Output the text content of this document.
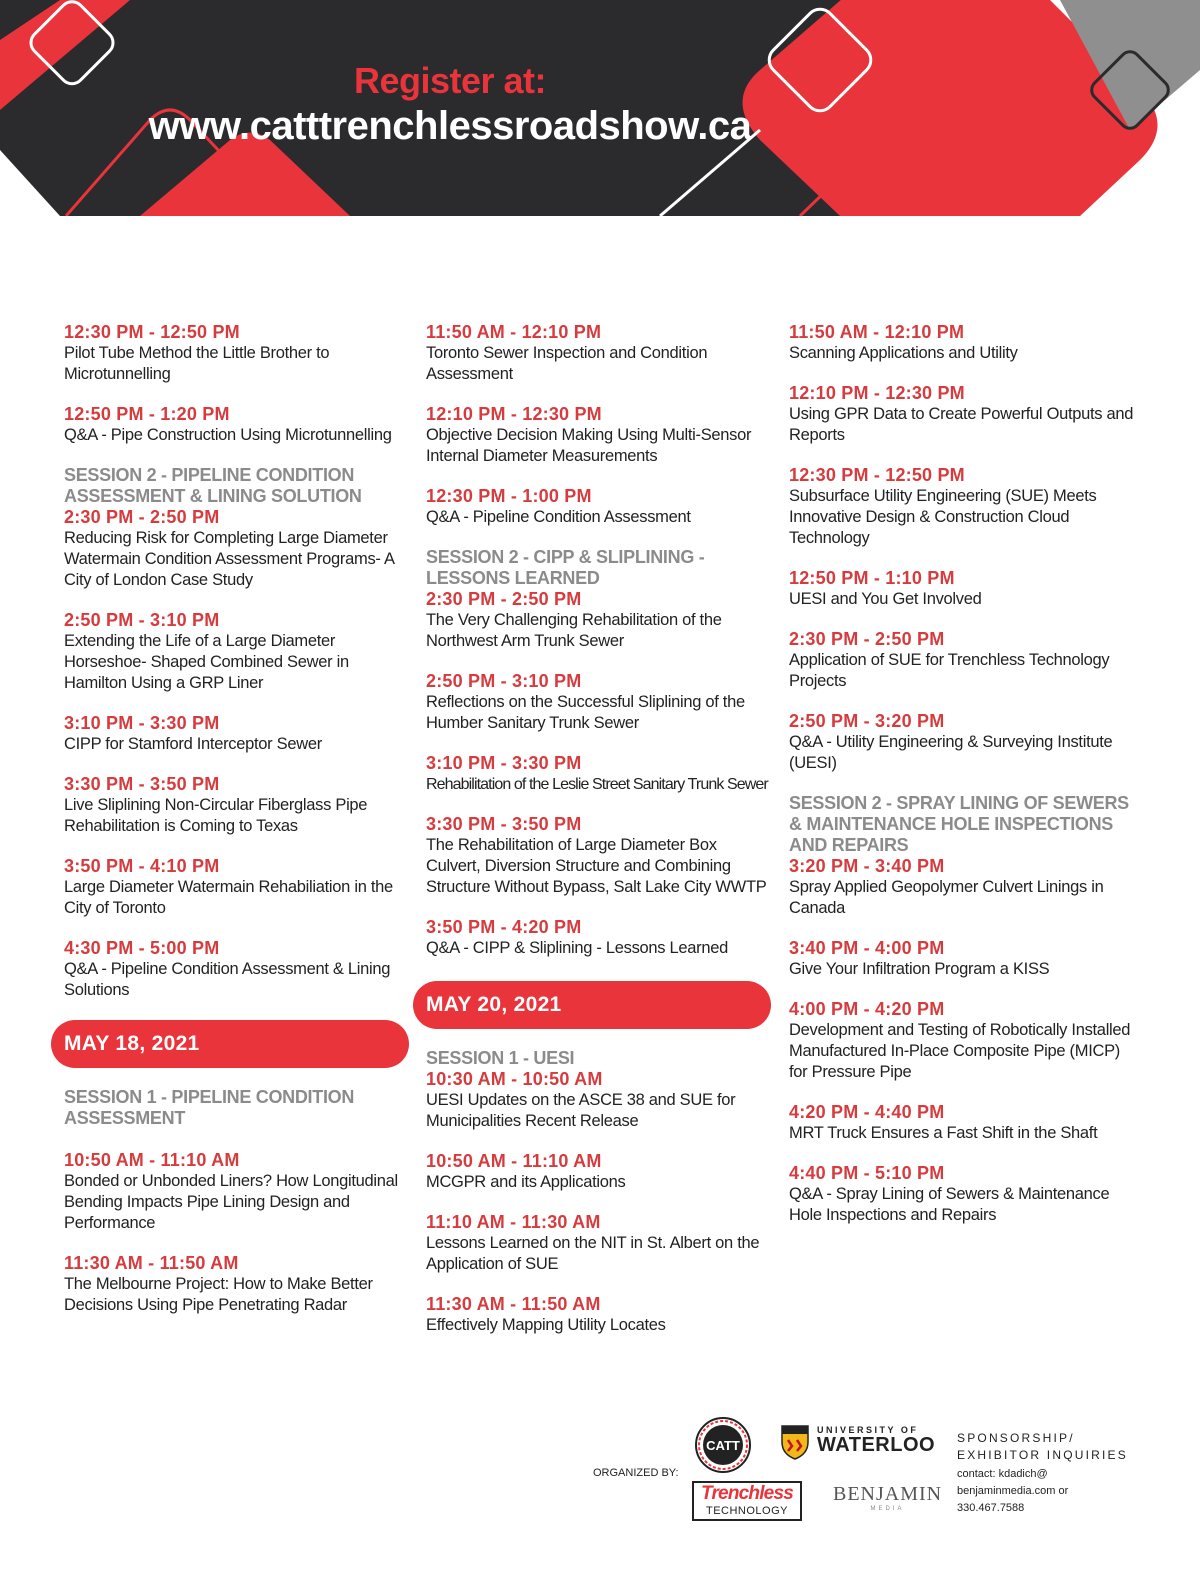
Register at:
www.catttrenchlessroadshow.ca
12:30 PM - 12:50 PM
Pilot Tube Method the Little Brother to Microtunnelling
12:50 PM - 1:20 PM
Q&A - Pipe Construction Using Microtunnelling
SESSION 2 - PIPELINE CONDITION ASSESSMENT & LINING SOLUTION
2:30 PM - 2:50 PM
Reducing Risk for Completing Large Diameter Watermain Condition Assessment Programs- A City of London Case Study
2:50 PM - 3:10 PM
Extending the Life of a Large Diameter Horseshoe- Shaped Combined Sewer in Hamilton Using a GRP Liner
3:10 PM - 3:30 PM
CIPP for Stamford Interceptor Sewer
3:30 PM - 3:50 PM
Live Sliplining Non-Circular Fiberglass Pipe Rehabilitation is Coming to Texas
3:50 PM - 4:10 PM
Large Diameter Watermain Rehabiliation in the City of Toronto
4:30 PM - 5:00 PM
Q&A - Pipeline Condition Assessment & Lining Solutions
MAY 18, 2021
SESSION 1 - PIPELINE CONDITION ASSESSMENT
10:50 AM - 11:10 AM
Bonded or Unbonded Liners? How Longitudinal Bending Impacts Pipe Lining Design and Performance
11:30 AM - 11:50 AM
The Melbourne Project: How to Make Better Decisions Using Pipe Penetrating Radar
11:50 AM - 12:10 PM
Toronto Sewer Inspection and Condition Assessment
12:10 PM - 12:30 PM
Objective Decision Making Using Multi-Sensor Internal Diameter Measurements
12:30 PM - 1:00 PM
Q&A - Pipeline Condition Assessment
SESSION 2 - CIPP & SLIPLINING - LESSONS LEARNED
2:30 PM - 2:50 PM
The Very Challenging Rehabilitation of the Northwest Arm Trunk Sewer
2:50 PM - 3:10 PM
Reflections on the Successful Sliplining of the Humber Sanitary Trunk Sewer
3:10 PM - 3:30 PM
Rehabilitation of the Leslie Street Sanitary Trunk Sewer
3:30 PM - 3:50 PM
The Rehabilitation of Large Diameter Box Culvert, Diversion Structure and Combining Structure Without Bypass, Salt Lake City WWTP
3:50 PM - 4:20 PM
Q&A - CIPP & Sliplining - Lessons Learned
MAY 20, 2021
SESSION 1 - UESI
10:30 AM - 10:50 AM
UESI Updates on the ASCE 38 and SUE for Municipalities Recent Release
10:50 AM - 11:10 AM
MCGPR and its Applications
11:10 AM - 11:30 AM
Lessons Learned on the NIT in St. Albert on the Application of SUE
11:30 AM - 11:50 AM
Effectively Mapping Utility Locates
11:50 AM - 12:10 PM
Scanning Applications and Utility
12:10 PM - 12:30 PM
Using GPR Data to Create Powerful Outputs and Reports
12:30 PM - 12:50 PM
Subsurface Utility Engineering (SUE) Meets Innovative Design & Construction Cloud Technology
12:50 PM - 1:10 PM
UESI and You Get Involved
2:30 PM - 2:50 PM
Application of SUE for Trenchless Technology Projects
2:50 PM - 3:20 PM
Q&A - Utility Engineering & Surveying Institute (UESI)
SESSION 2 - SPRAY LINING OF SEWERS & MAINTENANCE HOLE INSPECTIONS AND REPAIRS
3:20 PM - 3:40 PM
Spray Applied Geopolymer Culvert Linings in Canada
3:40 PM - 4:00 PM
Give Your Infiltration Program a KISS
4:00 PM - 4:20 PM
Development and Testing of Robotically Installed Manufactured In-Place Composite Pipe (MICP) for Pressure Pipe
4:20 PM - 4:40 PM
MRT Truck Ensures a Fast Shift in the Shaft
4:40 PM - 5:10 PM
Q&A - Spray Lining of Sewers & Maintenance Hole Inspections and Repairs
ORGANIZED BY:
CATT
UNIVERSITY OF
WATERLOO
Trenchless
TECHNOLOGY
BENJAMIN
MEDIA
SPONSORSHIP/
EXHIBITOR INQUIRIES
contact: kdadich@
benjaminmedia.com or
330.467.7588
